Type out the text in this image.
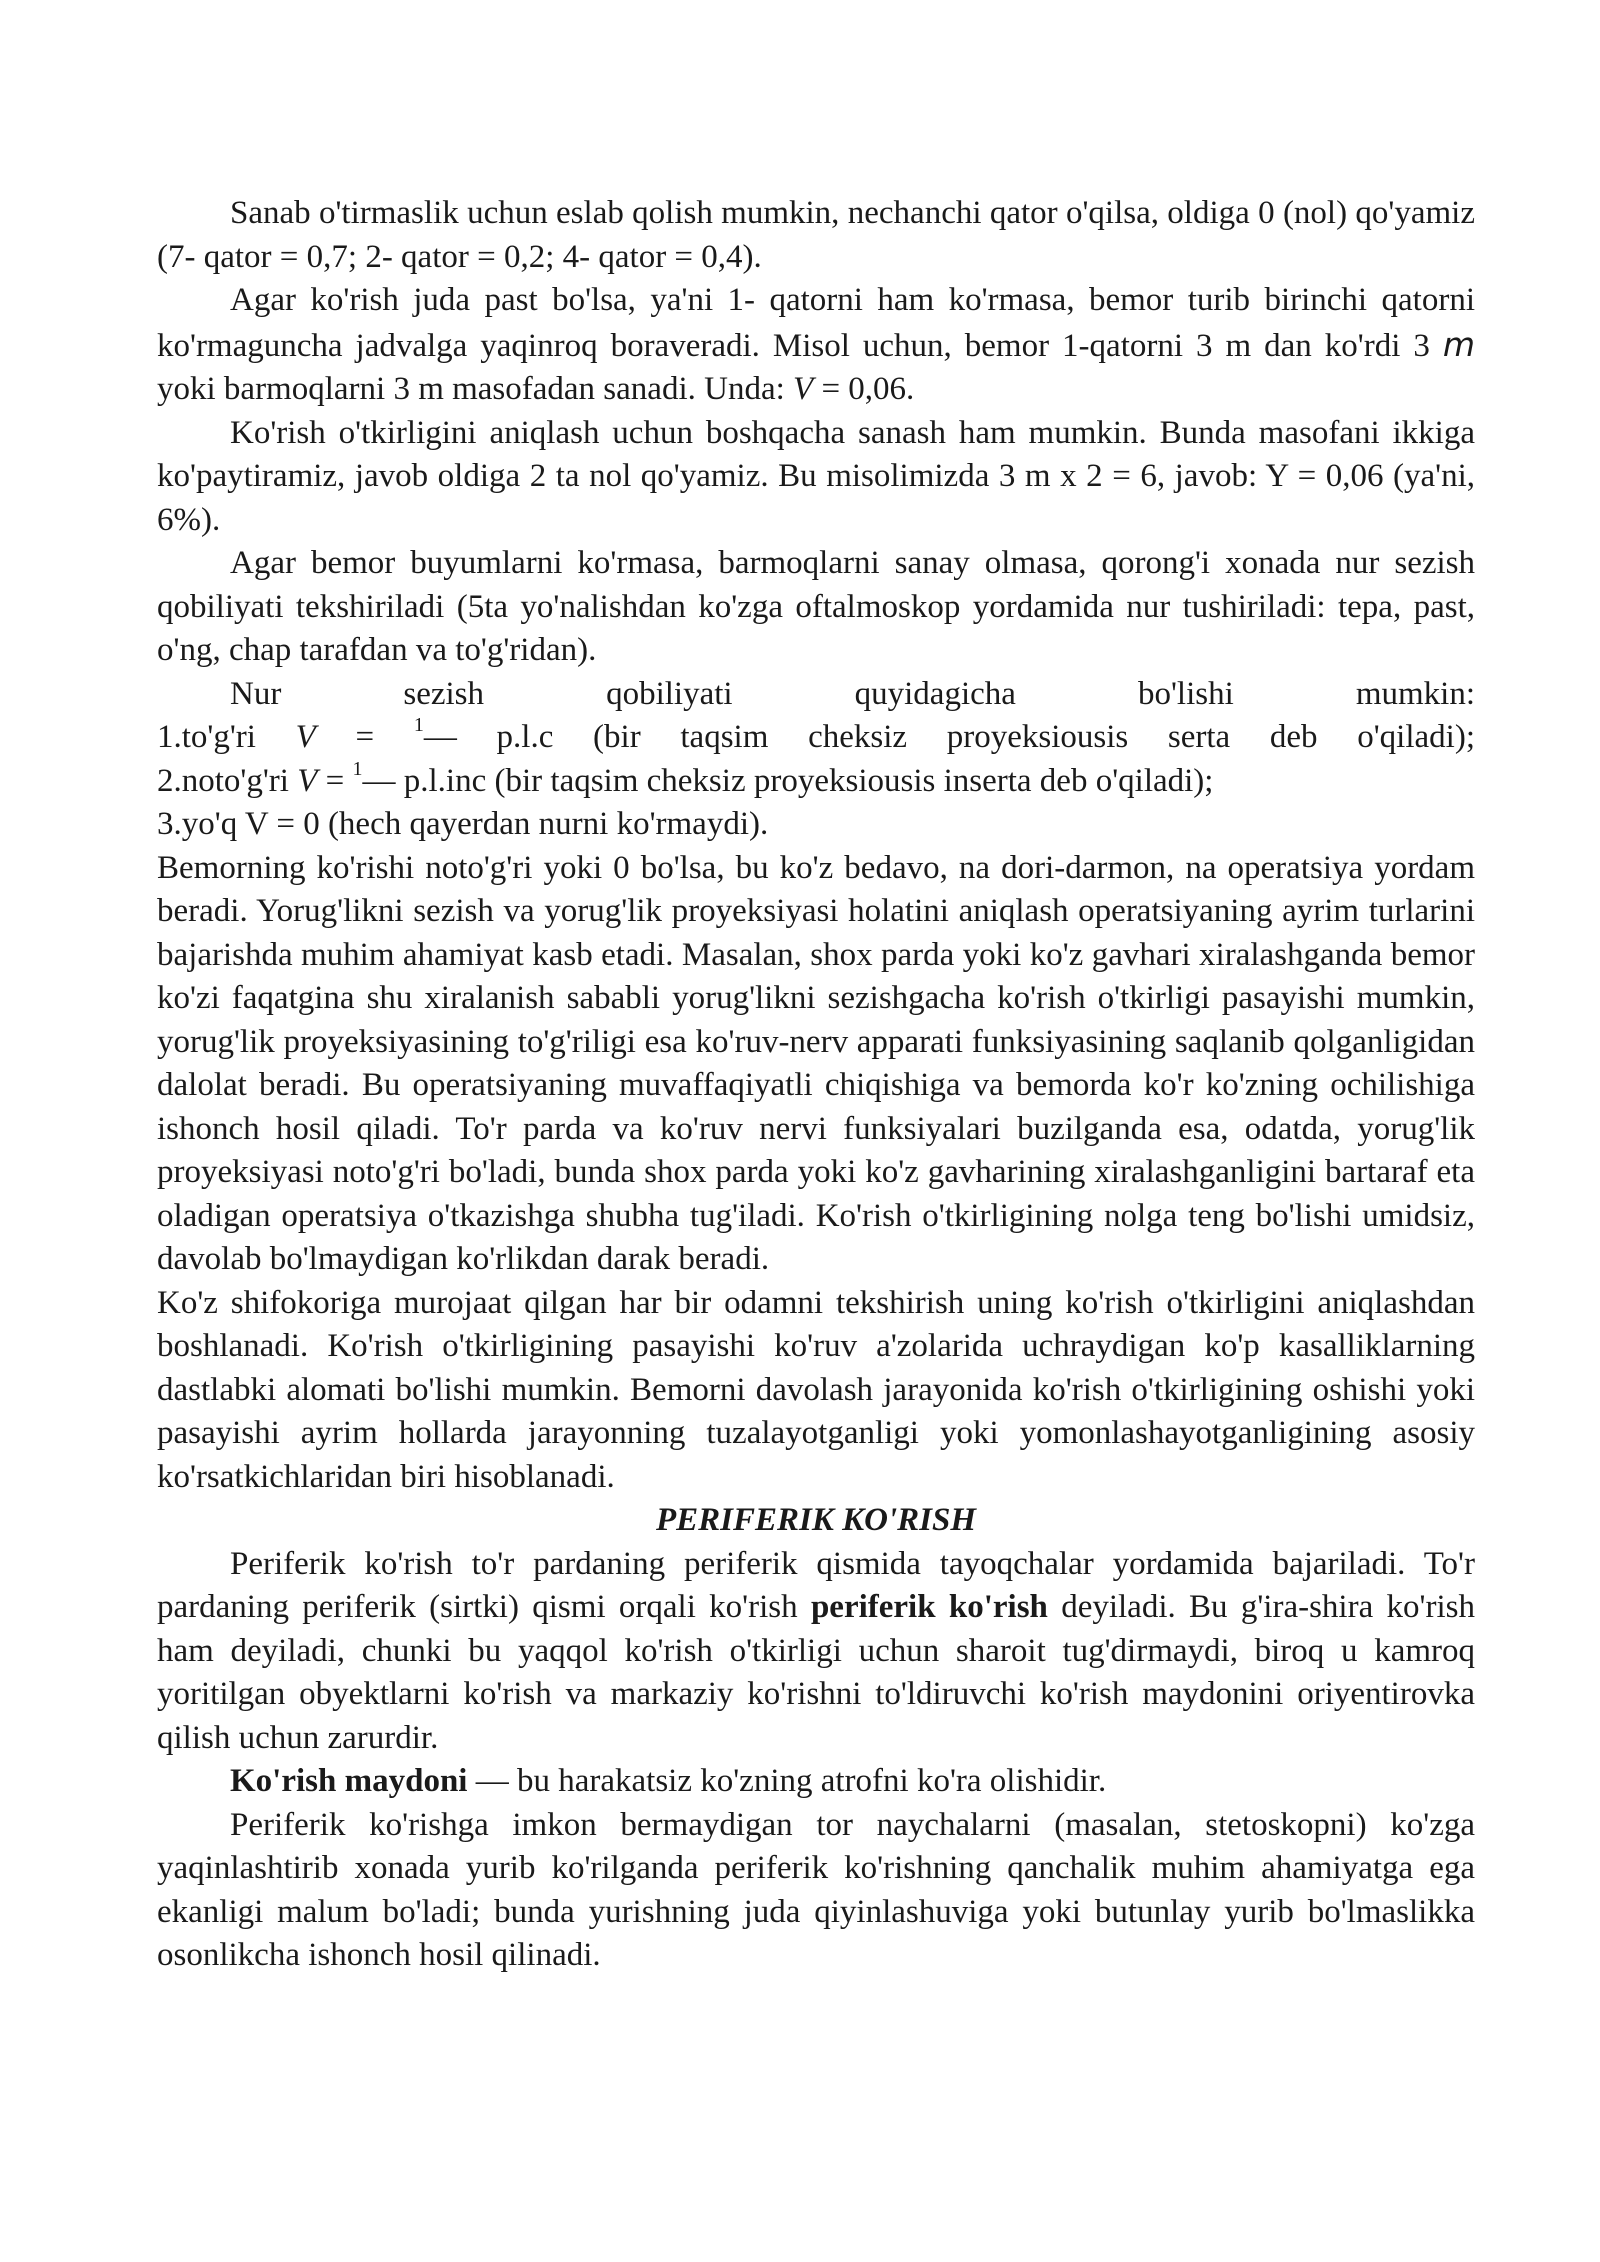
Sanab o'tirmaslik uchun eslab qolish mumkin, nechanchi qator o'qilsa, oldiga 0 (nol) qo'yamiz (7- qator = 0,7; 2- qator = 0,2; 4- qator = 0,4).

Agar ko'rish juda past bo'lsa, ya'ni 1- qatorni ham ko'rmasa, bemor turib birinchi qatorni ko'rmaguncha jadvalga yaqinroq boraveradi. Misol uchun, bemor 1-qatorni 3 m dan ko'rdi 3 m yoki barmoqlarni 3 m masofadan sanadi. Unda: V = 0,06.

Ko'rish o'tkirligini aniqlash uchun boshqacha sanash ham mumkin. Bunda masofani ikkiga ko'paytiramiz, javob oldiga 2 ta nol qo'yamiz. Bu misolimizda 3 m x 2 = 6, javob: Y = 0,06 (ya'ni, 6%).

Agar bemor buyumlarni ko'rmasa, barmoqlarni sanay olmasa, qorong'i xonada nur sezish qobiliyati tekshiriladi (5ta yo'nalishdan ko'zga oftalmoskop yordamida nur tushiriladi: tepa, past, o'ng, chap tarafdan va to'g'ridan).

Nur sezish qobiliyati quyidagicha bo'lishi mumkin:

1.to'g'ri V = $^1$— p.l.c (bir taqsim cheksiz proyeksiousis serta deb o'qiladi);

2.noto'g'ri V = $^1$— p.l.inc (bir taqsim cheksiz proyeksiousis inserta deb o'qiladi);

3.yo'q V = 0 (hech qayerdan nurni ko'rmaydi).

Bemorning ko'rishi noto'g'ri yoki 0 bo'lsa, bu ko'z bedavo, na dori-darmon, na operatsiya yordam beradi. Yorug'likni sezish va yorug'lik proyeksiyasi holatini aniqlash operatsiyaning ayrim turlarini bajarishda muhim ahamiyat kasb etadi. Masalan, shox parda yoki ko'z gavhari xiralashganda bemor ko'zi faqatgina shu xiralanish sababli yorug'likni sezishgacha ko'rish o'tkirligi pasayishi mumkin, yorug'lik proyeksiyasining to'g'riligi esa ko'ruv-nerv apparati funksiyasining saqlanib qolganligidan dalolat beradi. Bu operatsiyaning muvaffaqiyatli chiqishiga va bemorda ko'r ko'zning ochilishiga ishonch hosil qiladi. To'r parda va ko'ruv nervi funksiyalari buzilganda esa, odatda, yorug'lik proyeksiyasi noto'g'ri bo'ladi, bunda shox parda yoki ko'z gavharining xiralashganligini bartaraf eta oladigan operatsiya o'tkazishga shubha tug'iladi. Ko'rish o'tkirligining nolga teng bo'lishi umidsiz, davolab bo'lmaydigan ko'rlikdan darak beradi.

Ko'z shifokoriga murojaat qilgan har bir odamni tekshirish uning ko'rish o'tkirligini aniqlashdan boshlanadi. Ko'rish o'tkirligining pasayishi ko'ruv a'zolarida uchraydigan ko'p kasalliklarning dastlabki alomati bo'lishi mumkin. Bemorni davolash jarayonida ko'rish o'tkirligining oshishi yoki pasayishi ayrim hollarda jarayonning tuzalayotganligi yoki yomonlashayotganligining asosiy ko'rsatkichlaridan biri hisoblanadi.

PERIFERIK KO'RISH

Periferik ko'rish to'r pardaning periferik qismida tayoqchalar yordamida bajariladi. To'r pardaning periferik (sirtki) qismi orqali ko'rish periferik ko'rish deyiladi. Bu g'ira-shira ko'rish ham deyiladi, chunki bu yaqqol ko'rish o'tkirligi uchun sharoit tug'dirmaydi, biroq u kamroq yoritilgan obyektlarni ko'rish va markaziy ko'rishni to'ldiruvchi ko'rish maydonini oriyentirovka qilish uchun zarurdir.

Ko'rish maydoni — bu harakatsiz ko'zning atrofni ko'ra olishidir.

Periferik ko'rishga imkon bermaydigan tor naychalarni (masalan, stetoskopni) ko'zga yaqinlashtirib xonada yurib ko'rilganda periferik ko'rishning qanchalik muhim ahamiyatga ega ekanligi malum bo'ladi; bunda yurishning juda qiyinlashuviga yoki butunlay yurib bo'lmaslikka osonlikcha ishonch hosil qilinadi.
